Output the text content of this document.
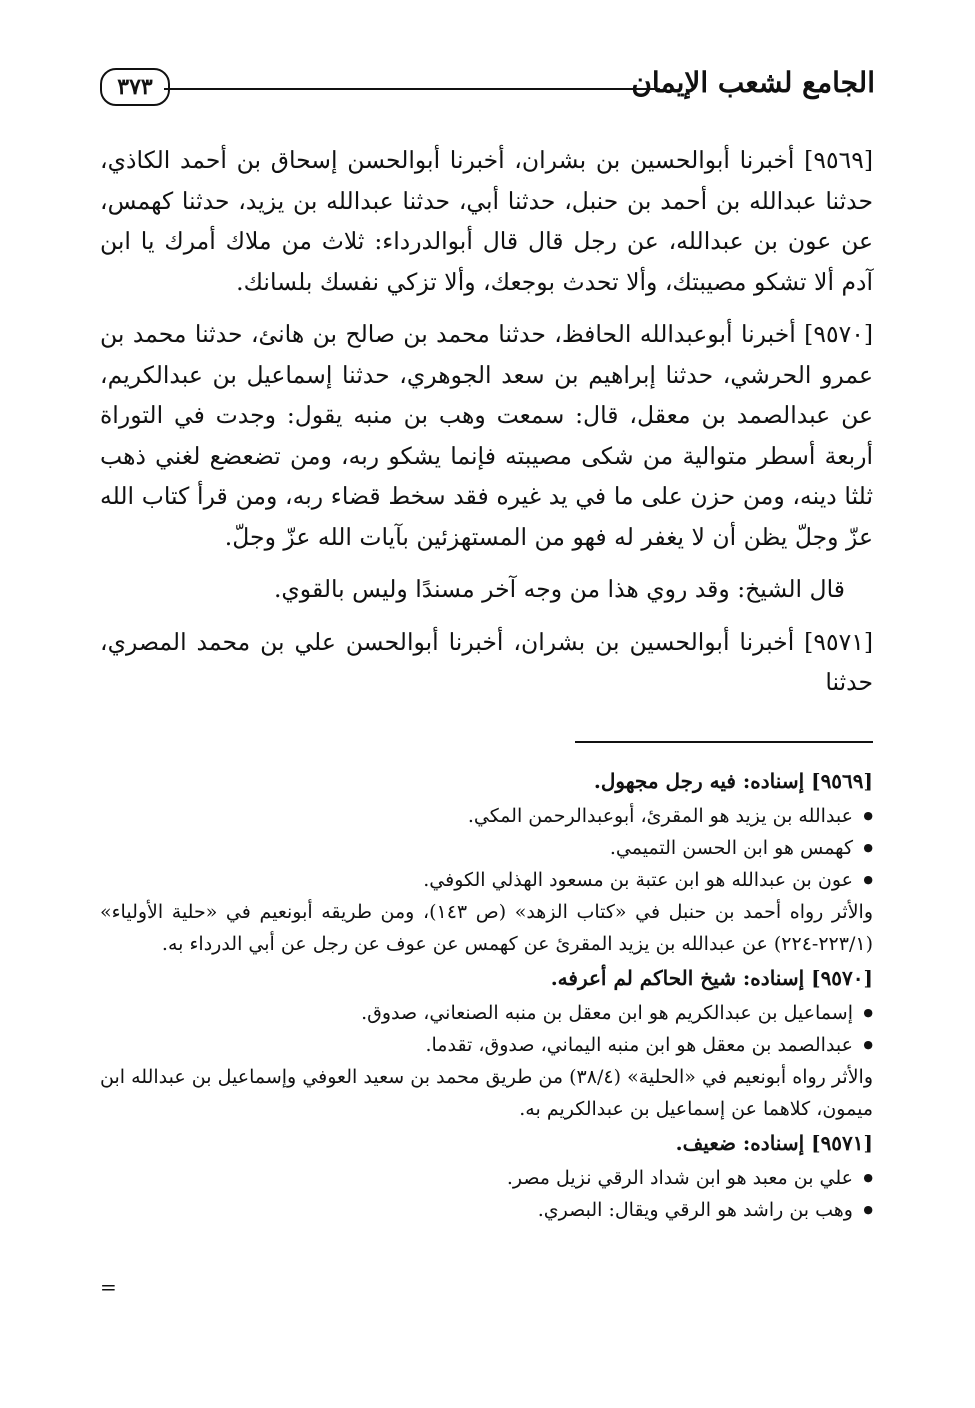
الجامع لشعب الإيمان
٣٧٣

[٩٥٦٩] أخبرنا أبوالحسين بن بشران، أخبرنا أبوالحسن إسحاق بن أحمد الكاذي، حدثنا عبدالله بن أحمد بن حنبل، حدثنا أبي، حدثنا عبدالله بن يزيد، حدثنا كهمس، عن عون بن عبدالله، عن رجل قال قال أبوالدرداء: ثلاث من ملاك أمرك يا ابن آدم ألا تشكو مصيبتك، وألا تحدث بوجعك، وألا تزكي نفسك بلسانك.

[٩٥٧٠] أخبرنا أبوعبدالله الحافظ، حدثنا محمد بن صالح بن هانئ، حدثنا محمد بن عمرو الحرشي، حدثنا إبراهيم بن سعد الجوهري، حدثنا إسماعيل بن عبدالكريم، عن عبدالصمد بن معقل، قال: سمعت وهب بن منبه يقول: وجدت في التوراة أربعة أسطر متوالية من شكى مصيبته فإنما يشكو ربه، ومن تضعضع لغني ذهب ثلثا دينه، ومن حزن على ما في يد غيره فقد سخط قضاء ربه، ومن قرأ كتاب الله عزّ وجلّ يظن أن لا يغفر له فهو من المستهزئين بآيات الله عزّ وجلّ.

قال الشيخ: وقد روي هذا من وجه آخر مسندًا وليس بالقوي.

[٩٥٧١] أخبرنا أبوالحسين بن بشران، أخبرنا أبوالحسن علي بن محمد المصري، حدثنا

[٩٥٦٩] إسناده: فيه رجل مجهول.
● عبدالله بن يزيد هو المقرئ، أبوعبدالرحمن المكي.
● كهمس هو ابن الحسن التميمي.
● عون بن عبدالله هو ابن عتبة بن مسعود الهذلي الكوفي.
والأثر رواه أحمد بن حنبل في «كتاب الزهد» (ص ١٤٣)، ومن طريقه أبونعيم في «حلية الأولياء» (٢٢٣/١-٢٢٤) عن عبدالله بن يزيد المقرئ عن كهمس عن عوف عن رجل عن أبي الدرداء به.
[٩٥٧٠] إسناده: شيخ الحاكم لم أعرفه.
● إسماعيل بن عبدالكريم هو ابن معقل بن منبه الصنعاني، صدوق.
● عبدالصمد بن معقل هو ابن منبه اليماني، صدوق، تقدما.
والأثر رواه أبونعيم في «الحلية» (٣٨/٤) من طريق محمد بن سعيد العوفي وإسماعيل بن عبدالله ابن ميمون، كلاهما عن إسماعيل بن عبدالكريم به.
[٩٥٧١] إسناده: ضعيف.
● علي بن معبد هو ابن شداد الرقي نزيل مصر.
● وهب بن راشد هو الرقي ويقال: البصري.
=
